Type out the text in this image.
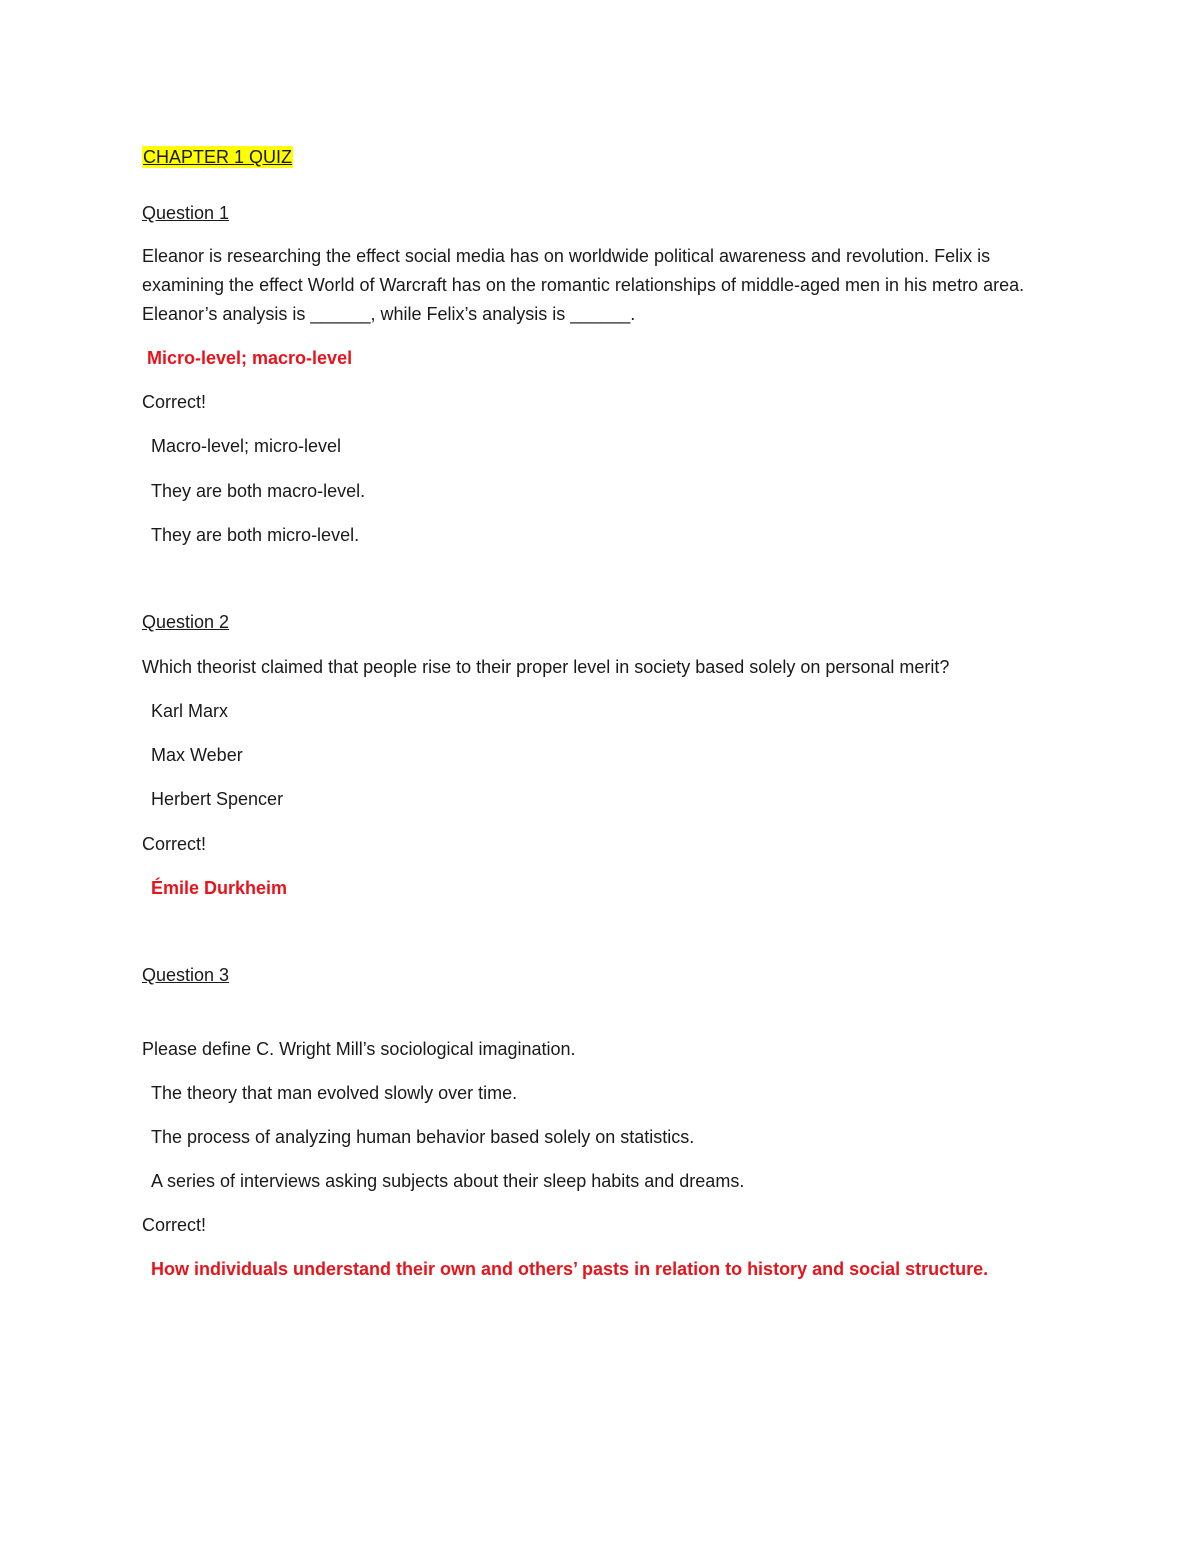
CHAPTER 1 QUIZ
Question 1
Eleanor is researching the effect social media has on worldwide political awareness and revolution. Felix is examining the effect World of Warcraft has on the romantic relationships of middle-aged men in his metro area. Eleanor’s analysis is ______, while Felix’s analysis is ______.
Micro-level; macro-level
Correct!
Macro-level; micro-level
They are both macro-level.
They are both micro-level.
Question 2
Which theorist claimed that people rise to their proper level in society based solely on personal merit?
Karl Marx
Max Weber
Herbert Spencer
Correct!
Émile Durkheim
Question 3
Please define C. Wright Mill’s sociological imagination.
The theory that man evolved slowly over time.
The process of analyzing human behavior based solely on statistics.
A series of interviews asking subjects about their sleep habits and dreams.
Correct!
How individuals understand their own and others’ pasts in relation to history and social structure.
